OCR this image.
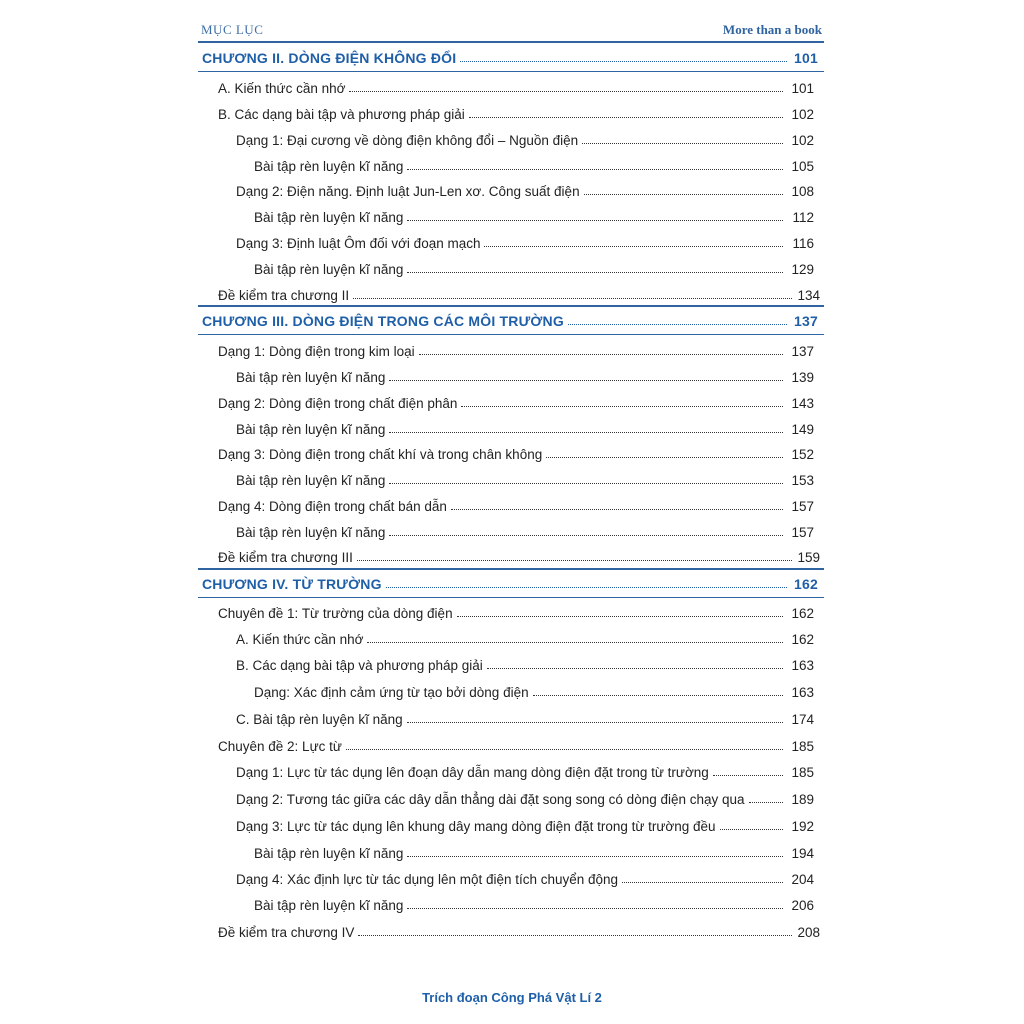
MỤC LỤC	More than a book
CHƯƠNG II. DÒNG ĐIỆN KHÔNG ĐỔI	101
A. Kiến thức cần nhớ	101
B. Các dạng bài tập và phương pháp giải	102
Dạng 1: Đại cương về dòng điện không đổi – Nguồn điện	102
Bài tập rèn luyện kĩ năng	105
Dạng 2: Điện năng. Định luật Jun-Len xơ. Công suất điện	108
Bài tập rèn luyện kĩ năng	112
Dạng 3: Định luật Ôm đối với đoạn mạch	116
Bài tập rèn luyện kĩ năng	129
Đề kiểm tra chương II	134
CHƯƠNG III. DÒNG ĐIỆN TRONG CÁC MÔI TRƯỜNG	137
Dạng 1: Dòng điện trong kim loại	137
Bài tập rèn luyện kĩ năng	139
Dạng 2: Dòng điện trong chất điện phân	143
Bài tập rèn luyện kĩ năng	149
Dạng 3: Dòng điện trong chất khí và trong chân không	152
Bài tập rèn luyện kĩ năng	153
Dạng 4: Dòng điện trong chất bán dẫn	157
Bài tập rèn luyện kĩ năng	157
Đề kiểm tra chương III	159
CHƯƠNG IV. TỪ TRƯỜNG	162
Chuyên đề 1: Từ trường của dòng điện	162
A. Kiến thức cần nhớ	162
B. Các dạng bài tập và phương pháp giải	163
Dạng: Xác định cảm ứng từ tạo bởi dòng điện	163
C. Bài tập rèn luyện kĩ năng	174
Chuyên đề 2: Lực từ	185
Dạng 1: Lực từ tác dụng lên đoạn dây dẫn mang dòng điện đặt trong từ trường	185
Dạng 2: Tương tác giữa các dây dẫn thẳng dài đặt song song có dòng điện chạy qua	189
Dạng 3: Lực từ tác dụng lên khung dây mang dòng điện đặt trong từ trường đều	192
Bài tập rèn luyện kĩ năng	194
Dạng 4: Xác định lực từ tác dụng lên một điện tích chuyển động	204
Bài tập rèn luyện kĩ năng	206
Đề kiểm tra chương IV	208
Trích đoạn Công Phá Vật Lí 2
